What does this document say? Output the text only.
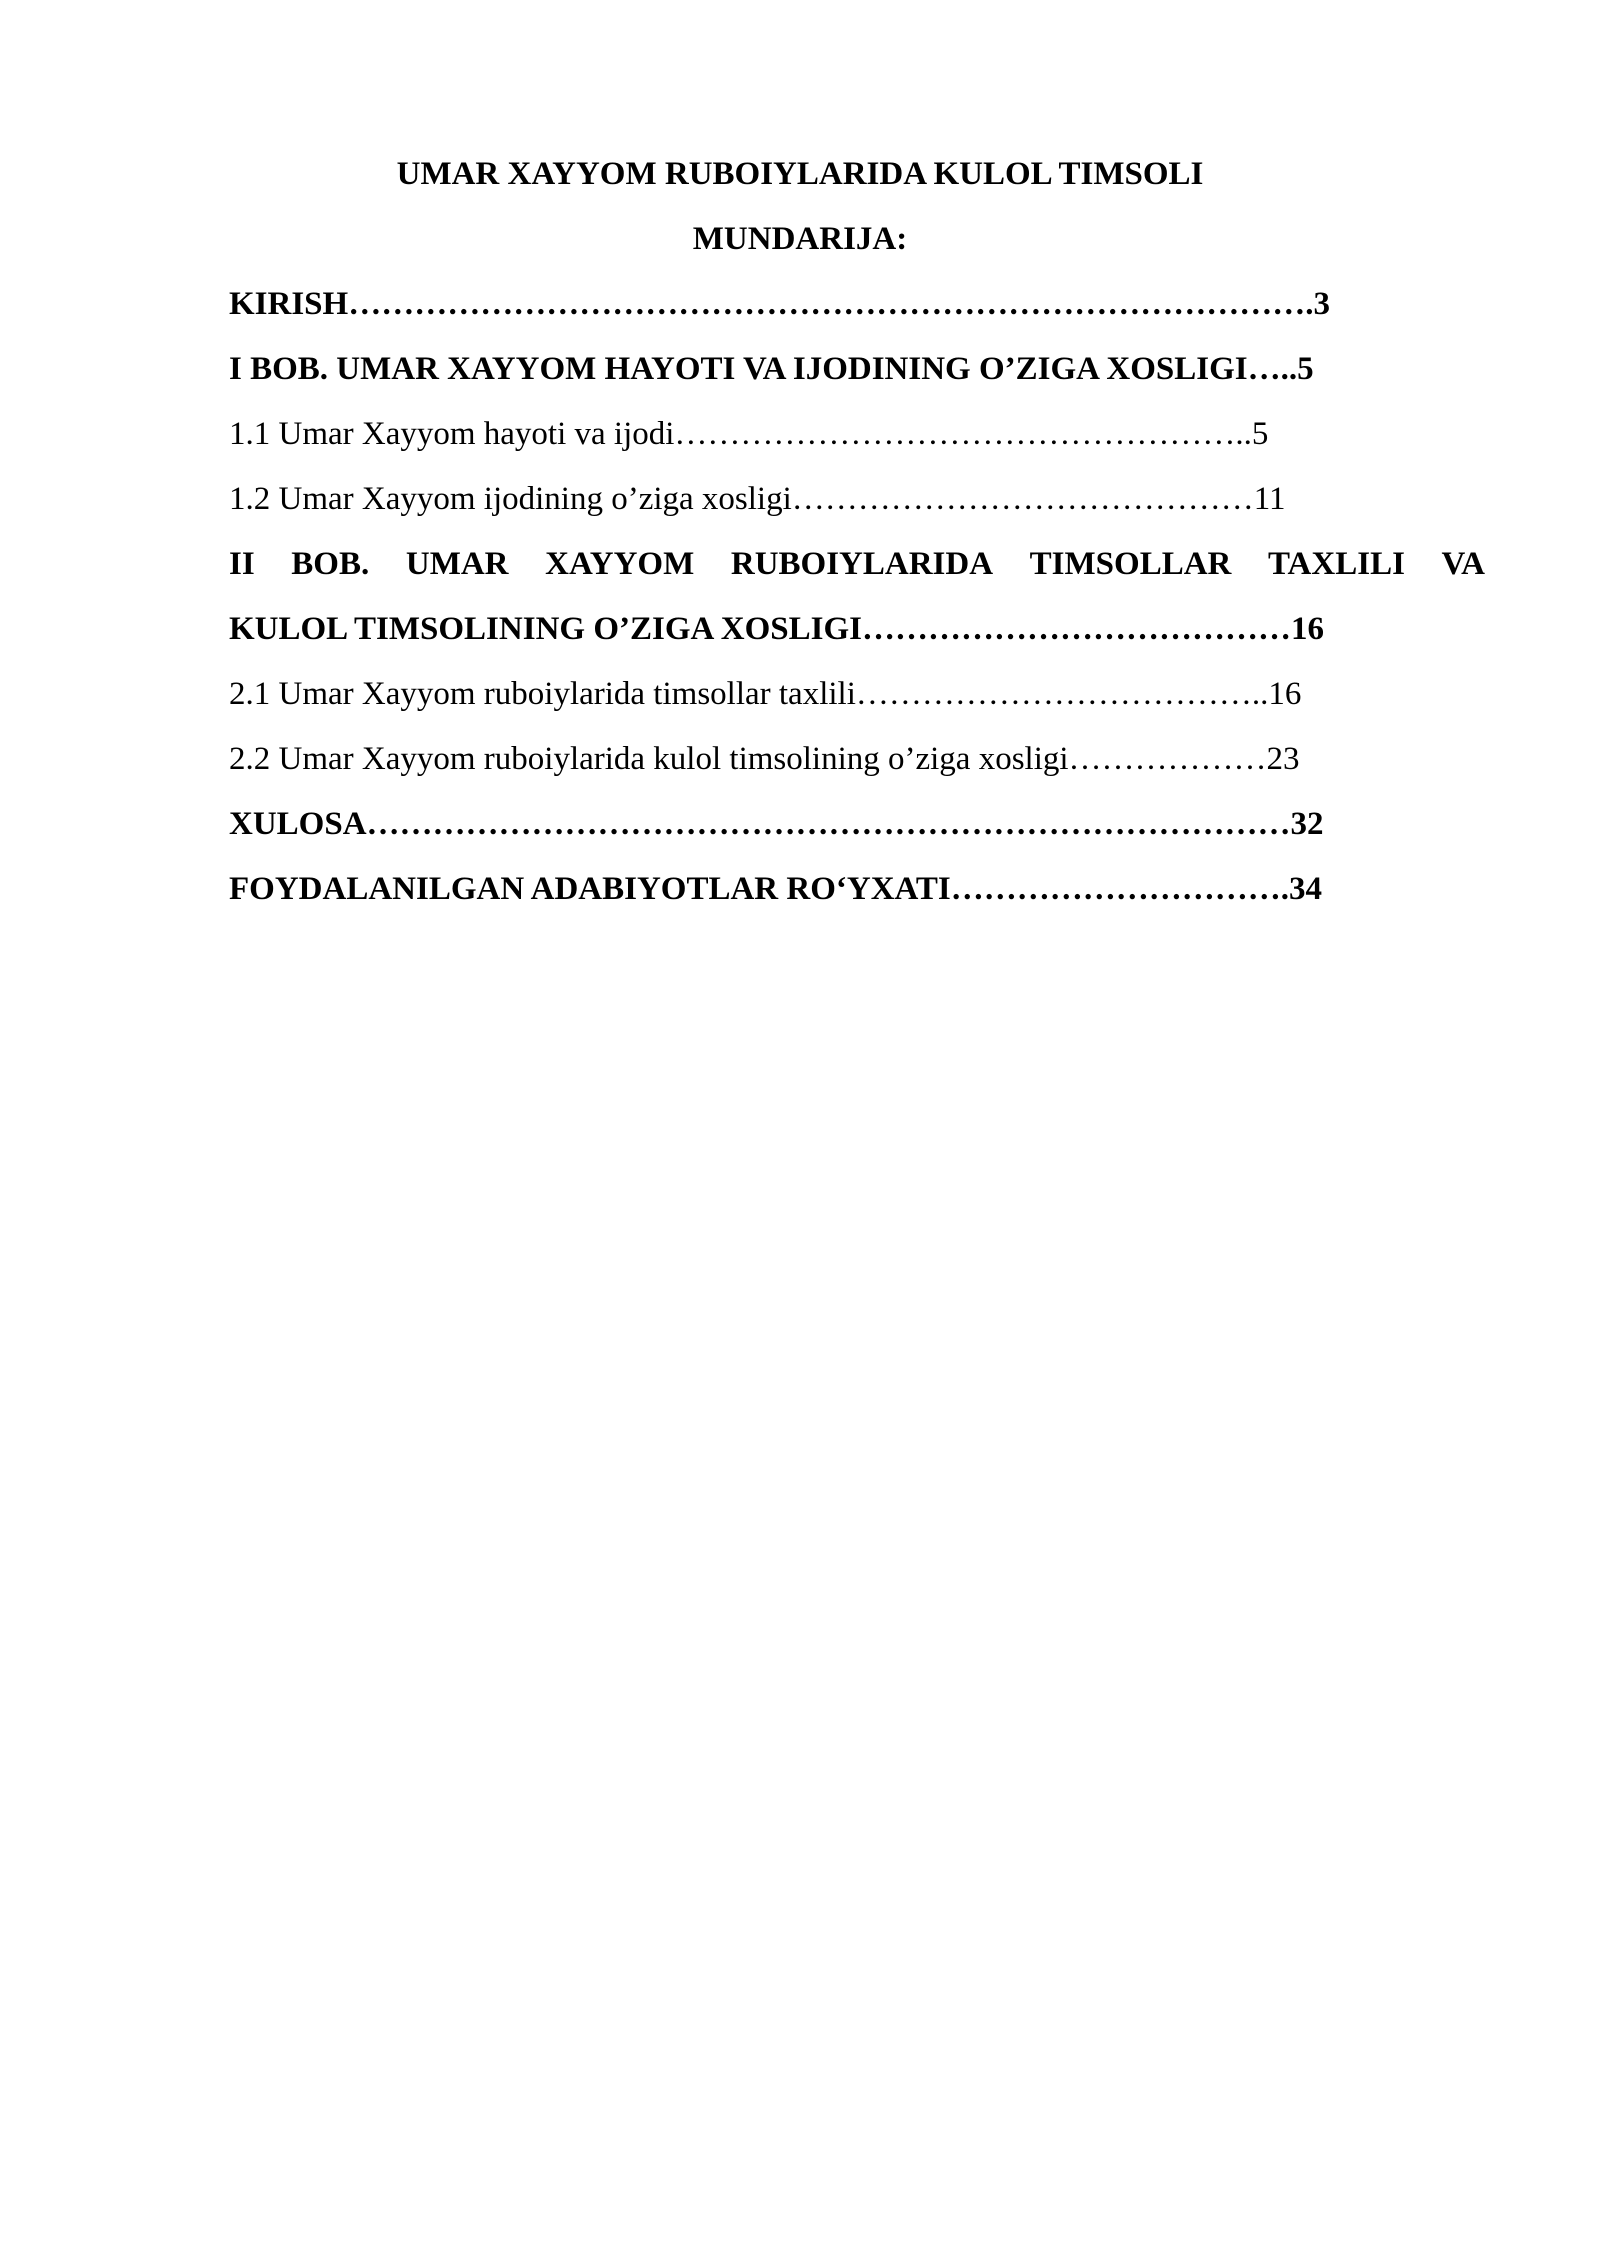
UMAR XAYYOM RUBOIYLARIDA KULOL TIMSOLI
MUNDARIJA:
KIRISH…………………………………………………………………………….3
I BOB. UMAR XAYYOM HAYOTI VA IJODINING O’ZIGA XOSLIGI…..5
1.1 Umar Xayyom hayoti va ijodi……………………………………………..5
1.2 Umar Xayyom ijodining o’ziga xosligi……………………………………11
II BOB. UMAR XAYYOM RUBOIYLARIDA TIMSOLLAR TAXLILI VA
KULOL TIMSOLINING O’ZIGA XOSLIGI…………………………………16
2.1 Umar Xayyom ruboiylarida timsollar taxlili………………………………..16
2.2 Umar Xayyom ruboiylarida kulol timsolining o’ziga xosligi………………23
XULOSA…………………………………………………………………………32
FOYDALANILGAN ADABIYOTLAR RO‘YXATI………………………….34
